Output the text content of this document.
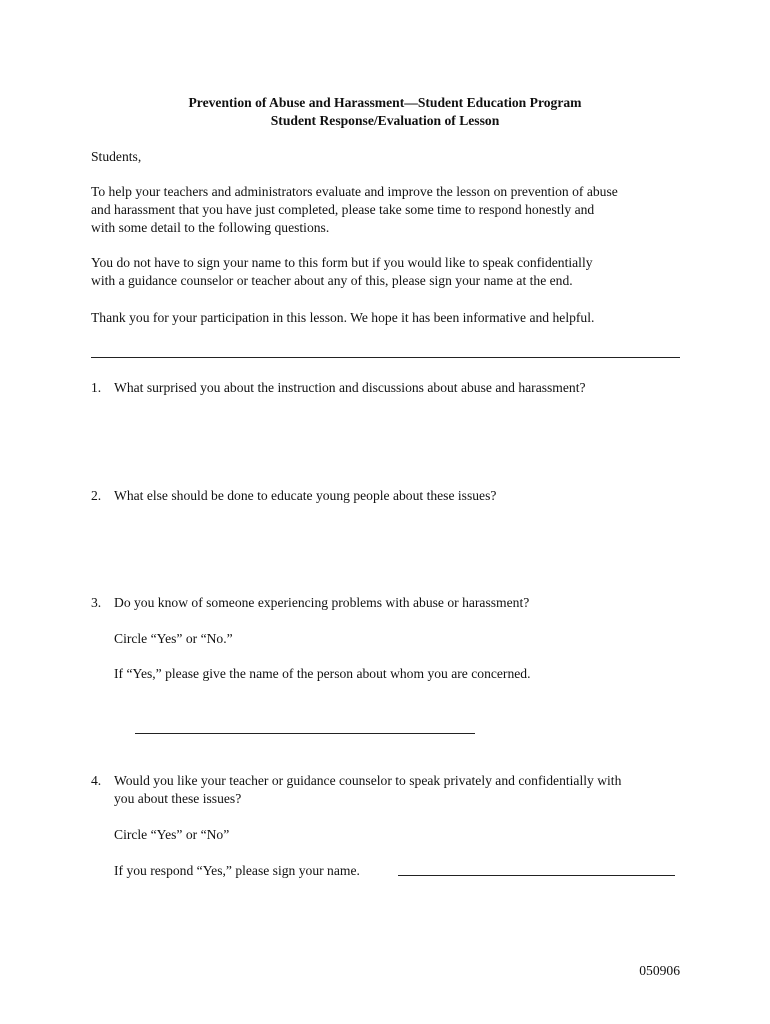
Prevention of Abuse and Harassment—Student Education Program
Student Response/Evaluation of Lesson
Students,
To help your teachers and administrators evaluate and improve the lesson on prevention of abuse
and harassment that you have just completed, please take some time to respond honestly and
with some detail to the following questions.
You do not have to sign your name to this form but if you would like to speak confidentially
with a guidance counselor or teacher about any of this, please sign your name at the end.
Thank you for your participation in this lesson. We hope it has been informative and helpful.
1. What surprised you about the instruction and discussions about abuse and harassment?
2. What else should be done to educate young people about these issues?
3. Do you know of someone experiencing problems with abuse or harassment?
Circle “Yes” or “No.”
If “Yes,” please give the name of the person about whom you are concerned.
4. Would you like your teacher or guidance counselor to speak privately and confidentially with
you about these issues?
Circle “Yes” or “No”
If you respond “Yes,” please sign your name.
050906
